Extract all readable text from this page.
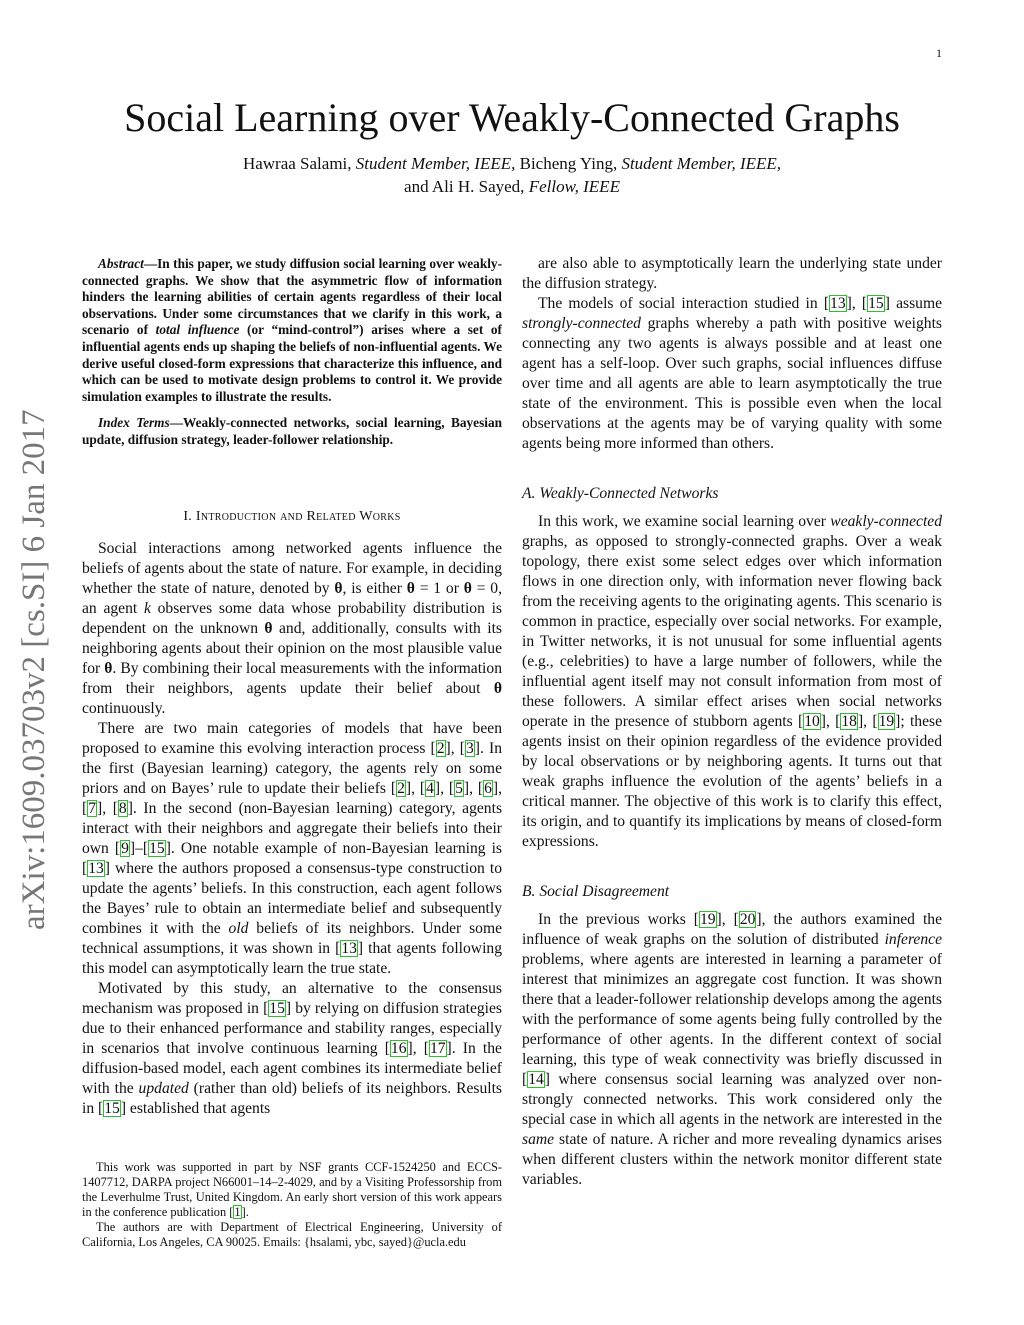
1
Social Learning over Weakly-Connected Graphs
Hawraa Salami, Student Member, IEEE, Bicheng Ying, Student Member, IEEE,
and Ali H. Sayed, Fellow, IEEE
arXiv:1609.03703v2 [cs.SI] 6 Jan 2017

Abstract—In this paper, we study diffusion social learning over weakly-connected graphs. We show that the asymmetric flow of information hinders the learning abilities of certain agents regardless of their local observations. Under some circumstances that we clarify in this work, a scenario of total influence (or “mind-control”) arises where a set of influential agents ends up shaping the beliefs of non-influential agents. We derive useful closed-form expressions that characterize this influence, and which can be used to motivate design problems to control it. We provide simulation examples to illustrate the results.

Index Terms—Weakly-connected networks, social learning, Bayesian update, diffusion strategy, leader-follower relationship.

I. Introduction and Related Works

Social interactions among networked agents influence the beliefs of agents about the state of nature. For example, in deciding whether the state of nature, denoted by θ, is either θ = 1 or θ = 0, an agent k observes some data whose probability distribution is dependent on the unknown θ and, additionally, consults with its neighboring agents about their opinion on the most plausible value for θ. By combining their local measurements with the information from their neighbors, agents update their belief about θ continuously.

There are two main categories of models that have been proposed to examine this evolving interaction process [2], [3]. In the first (Bayesian learning) category, the agents rely on some priors and on Bayes’ rule to update their beliefs [2], [4], [5], [6], [7], [8]. In the second (non-Bayesian learning) category, agents interact with their neighbors and aggregate their beliefs into their own [9]–[15]. One notable example of non-Bayesian learning is [13] where the authors proposed a consensus-type construction to update the agents’ beliefs. In this construction, each agent follows the Bayes’ rule to obtain an intermediate belief and subsequently combines it with the old beliefs of its neighbors. Under some technical assumptions, it was shown in [13] that agents following this model can asymptotically learn the true state.

Motivated by this study, an alternative to the consensus mechanism was proposed in [15] by relying on diffusion strategies due to their enhanced performance and stability ranges, especially in scenarios that involve continuous learning [16], [17]. In the diffusion-based model, each agent combines its intermediate belief with the updated (rather than old) beliefs of its neighbors. Results in [15] established that agents

are also able to asymptotically learn the underlying state under the diffusion strategy.

The models of social interaction studied in [13], [15] assume strongly-connected graphs whereby a path with positive weights connecting any two agents is always possible and at least one agent has a self-loop. Over such graphs, social influences diffuse over time and all agents are able to learn asymptotically the true state of the environment. This is possible even when the local observations at the agents may be of varying quality with some agents being more informed than others.

A. Weakly-Connected Networks

In this work, we examine social learning over weakly-connected graphs, as opposed to strongly-connected graphs. Over a weak topology, there exist some select edges over which information flows in one direction only, with information never flowing back from the receiving agents to the originating agents. This scenario is common in practice, especially over social networks. For example, in Twitter networks, it is not unusual for some influential agents (e.g., celebrities) to have a large number of followers, while the influential agent itself may not consult information from most of these followers. A similar effect arises when social networks operate in the presence of stubborn agents [10], [18], [19]; these agents insist on their opinion regardless of the evidence provided by local observations or by neighboring agents. It turns out that weak graphs influence the evolution of the agents’ beliefs in a critical manner. The objective of this work is to clarify this effect, its origin, and to quantify its implications by means of closed-form expressions.

B. Social Disagreement

In the previous works [19], [20], the authors examined the influence of weak graphs on the solution of distributed inference problems, where agents are interested in learning a parameter of interest that minimizes an aggregate cost function. It was shown there that a leader-follower relationship develops among the agents with the performance of some agents being fully controlled by the performance of other agents. In the different context of social learning, this type of weak connectivity was briefly discussed in [14] where consensus social learning was analyzed over non-strongly connected networks. This work considered only the special case in which all agents in the network are interested in the same state of nature. A richer and more revealing dynamics arises when different clusters within the network monitor different state variables.

This work was supported in part by NSF grants CCF-1524250 and ECCS-1407712, DARPA project N66001–14–2-4029, and by a Visiting Professorship from the Leverhulme Trust, United Kingdom. An early short version of this work appears in the conference publication [1].

The authors are with Department of Electrical Engineering, University of California, Los Angeles, CA 90025. Emails: {hsalami, ybc, sayed}@ucla.edu
